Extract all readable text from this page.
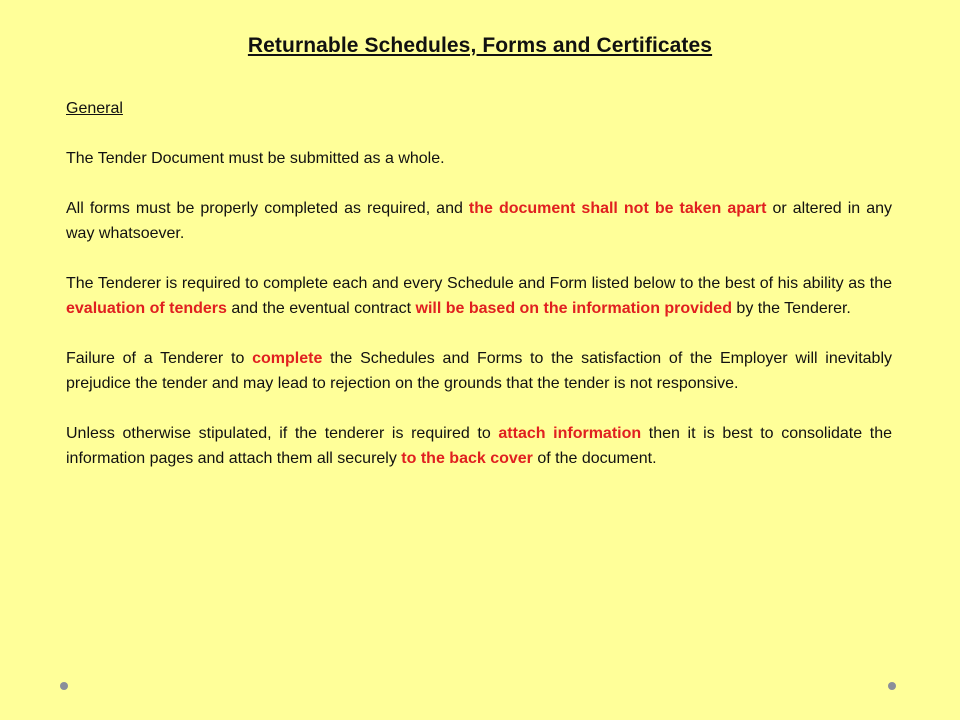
Returnable Schedules, Forms and Certificates

General

The Tender Document must be submitted as a whole.

All forms must be properly completed as required, and the document shall not be taken apart or altered in any way whatsoever.

The Tenderer is required to complete each and every Schedule and Form listed below to the best of his ability as the evaluation of tenders and the eventual contract will be based on the information provided by the Tenderer.

Failure of a Tenderer to complete the Schedules and Forms to the satisfaction of the Employer will inevitably prejudice the tender and may lead to rejection on the grounds that the tender is not responsive.

Unless otherwise stipulated, if the tenderer is required to attach information then it is best to consolidate the information pages and attach them all securely to the back cover of the document.
